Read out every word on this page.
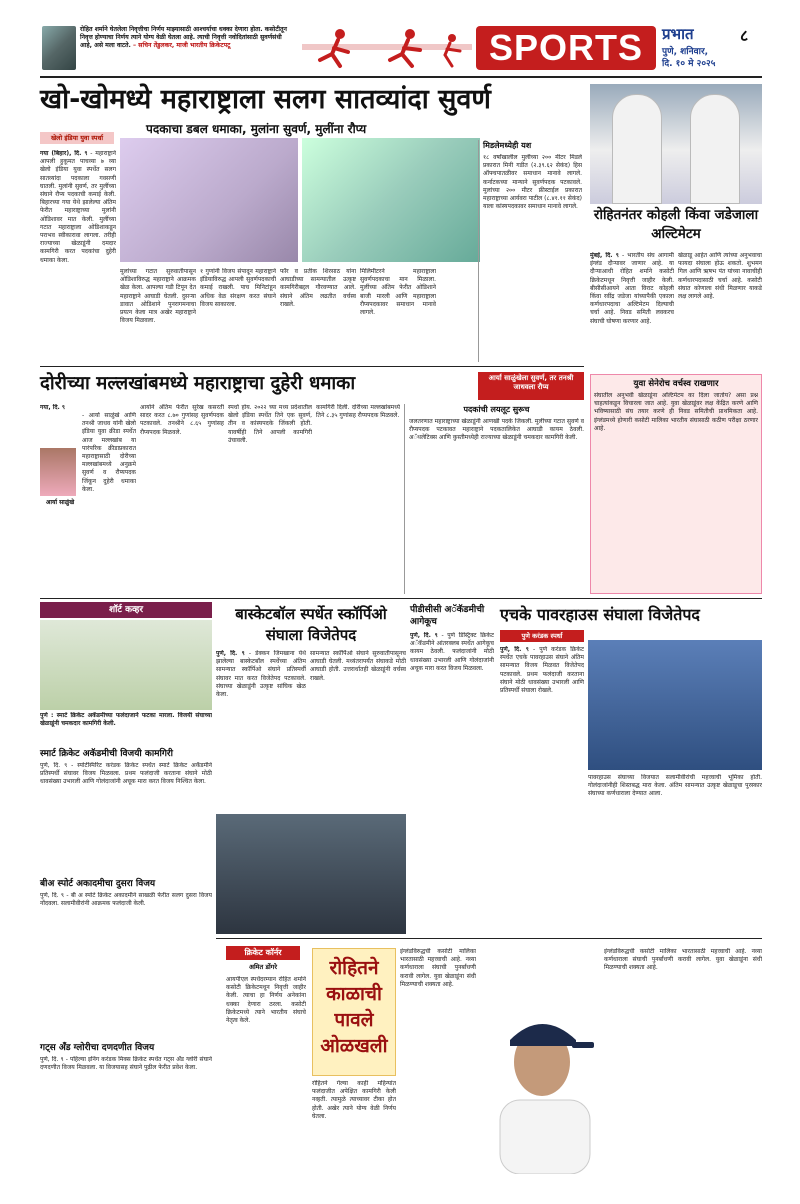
रोहित शर्माने घेतलेला निवृत्तीचा निर्णय माझ्यासाठी आश्चर्याचा धक्का देणारा होता. कसोटीतून निवृत्त होण्याचा निर्णय त्याने योग्य वेळी घेतला आहे. त्याची निवृत्ती नवोदितांसाठी सुवर्णसंधी आहे, असे मला वाटते. – सचिन तेंडुलकर, माजी भारतीय क्रिकेटपटू	SPORTS	प्रभात	८
पुणे, शनिवार,
दि. १० मे २०२५
खो-खोमध्ये महाराष्ट्राला सलग सातव्यांदा सुवर्ण
खेलो इंडिया युवा स्पर्धा
पदकाचा डबल धमाका, मुलांना सुवर्ण, मुलींना रौप्य
गया (बिहार), दि. ९ - महाराष्ट्राने आपली हुकूमत पाचव्या ७ व्या खेलो इंडिया युवा स्पर्धेत सलग सातव्यांदा पदकाला गवसणी घातली. मुलांनी सुवर्ण, तर मुलींच्या संघाने रौप्य पदकाची कमाई केली. बिहारच्या गया येथे झालेल्या अंतिम फेरीत महाराष्ट्राच्या मुलांनी ओडिशावर मात केली. मुलींच्या गटात महाराष्ट्राला ओडिशाकडून पराभव स्वीकारावा लागला. तरीही राज्याच्या खेळाडूंनी दमदार कामगिरी करत पदकांचा दुहेरी धमाका केला.
मुलांच्या गटात सुरुवातीपासून ओडिशाविरुद्ध महाराष्ट्राने आक्रमक खेळ केला. आपल्या गडी टिपून देत महाराष्ट्राने आघाडी घेतली. दुसऱ्या डावात ओडिशाने पुनरागमनाचा प्रयत्न केला मात्र अखेर महाराष्ट्राने विजय मिळवला.
१ गुणांनी विजय संपादून महाराष्ट्राने इंडियाविरुद्ध आपली सुवर्णपदकाची कमाई राखली. पाच मिनिटांहून अधिक वेळ संरक्षण करत संघाने विजय साकारला.
फॉर व प्रतीक शिरसाठ यांना आघाडीच्या सामन्यातील उत्कृष्ट कामगिरीबद्दल गौरवण्यात आले. संघाने अंतिम लढतीत वर्चस्व राखले.
मिलिमीटरने महाराष्ट्राला सुवर्णपदकाचा मान मिळाला. मुलींच्या अंतिम फेरीत ओडिशाने बाजी मारली आणि महाराष्ट्राला रौप्यपदकावर समाधान मानावे लागले.
मिडलेमध्येही यश
१८ वर्षांखालील मुलींच्या २०० मीटर मिडले प्रकारात मिनी गडीत (२.३९.६२ सेकंद) हिस ऑफ्चपातळीवर समाधान मानावे लागले. कर्नाटकच्या मान्याने सुवर्णपदक पटकावले. मुलांच्या २०० मीटर फ्रीस्टाईल प्रकारात महाराष्ट्राच्या आर्यवरा पाटील (८.४१.११ सेकंद) याला कांस्यपदकावर समाधान मानावे लागले.
रोहितनंतर कोहली किंवा जडेजाला अल्टिमेटम
मुंबई, दि. ९ - भारतीय संघ आगामी इंग्लंड दौऱ्यावर जाणार आहे. या दौऱ्याआधी रोहित शर्माने कसोटी क्रिकेटमधून निवृत्ती जाहीर केली. बीसीसीआयने आता विराट कोहली किंवा रवींद्र जडेजा यांच्यापैकी एकाला कर्णधारपदाचा अल्टिमेटम दिल्याची चर्चा आहे. निवड समिती लवकरच संघाची घोषणा करणार आहे.
खेळाडू आहेत आणि त्यांच्या अनुभवाचा फायदा संघाला होऊ शकतो. शुभमन गिल आणि ऋषभ पंत यांच्या नावाचीही कर्णधारपदासाठी चर्चा आहे. कसोटी संघात कोणाला संधी मिळणार याकडे लक्ष लागले आहे.
दोरीच्या मल्लखांबमध्ये महाराष्ट्राचा दुहेरी धमाका	आर्या साळुंखेला सुवर्ण, तर तनश्री जाधवला रौप्य
गया, दि. ९
आर्या साळुंखे
- आर्या साळुंखे आणि तनश्री जाधव यांनी खेलो इंडिया युवा क्रीडा स्पर्धेत आज मल्लखांब या पारंपरिक क्रीडाप्रकारात महाराष्ट्रासाठी दोरीच्या मल्लखांबमध्ये अनुक्रमे सुवर्ण व रौप्यपदक जिंकून दुहेरी धमाका केला.
आर्याने अंतिम फेरीत सुरेख कसरती सादर करत ८.७० गुणांसह सुवर्णपदक पटकावले. तनश्रीने ८.६५ गुणांसह रौप्यपदक मिळवले.
स्पर्धा होय. २०२२ च्या मध्य प्रदेशातील खेलो इंडिया स्पर्धेत तिने एक सुवर्ण, तीन व कांस्यपदके जिंकली होती. यावर्षीही तिने आपली कामगिरी उंचावली.
कामगिरी दिली. दोरीच्या मल्लखांबमध्ये तिने ८.३५ गुणांसह रौप्यपदक मिळवले.
पदकांची लयलूट सुरूच
जलतरणात महाराष्ट्राच्या खेळाडूंनी आणखी पदके जिंकली. मुलींच्या गटात सुवर्ण व रौप्यपदक पटकावत महाराष्ट्राने पदकतालिकेत आघाडी कायम ठेवली. अॅथलेटिक्स आणि कुस्तीमध्येही राज्याच्या खेळाडूंनी चमकदार कामगिरी केली.
युवा सेनेरोच वर्चस्व राखणार
संघातील अनुभवी खेळाडूंना अल्टिमेटम का दिला जातोय? असा प्रश्न चाहत्यांकडून विचारला जात आहे. युवा खेळाडूंवर लक्ष केंद्रित करणे आणि भविष्यासाठी संघ तयार करणे ही निवड समितीची प्राथमिकता आहे. इंग्लंडमध्ये होणारी कसोटी मालिका भारतीय संघासाठी कठीण परीक्षा ठरणार आहे.
शॉर्ट कव्हर
पुणे : स्मार्ट क्रिकेट अकॅडमीच्या फलंदाजाने फटका मारला. विजयी संघाच्या खेळाडूंनी चमकदार कामगिरी केली.
स्मार्ट क्रिकेट अकॅडमीची विजयी कामगिरी
पुणे, दि. ९ - स्पोर्टस्पिरिट करंडक क्रिकेट स्पर्धेत स्मार्ट क्रिकेट अकॅडमीने प्रतिस्पर्धी संघावर विजय मिळवला. प्रथम फलंदाजी करताना संघाने मोठी धावसंख्या उभारली आणि गोलंदाजांनी अचूक मारा करत विजय निश्चित केला.
बीअ स्पोर्ट अकादमीचा दुसरा विजय
पुणे, दि. ९ - बी अ स्पोर्ट क्रिकेट अकादमीने साखळी फेरीत सलग दुसरा विजय नोंदवला. सलामीवीरांनी आक्रमक फलंदाजी केली.
गट्स अँड ग्लोरीचा दणदणीत विजय
पुणे, दि. ९ - पहिल्या इनिंग करंडक मिक्स क्रिकेट स्पर्धेत गट्स अँड ग्लोरी संघाने दणदणीत विजय मिळवला. या विजयासह संघाने पुढील फेरीत प्रवेश केला.
बास्केटबॉल स्पर्धेत स्कॉर्पिओ संघाला विजेतेपद
पुणे, दि. ९ - डेक्कन जिमखाना येथे झालेल्या बास्केटबॉल स्पर्धेच्या अंतिम सामन्यात स्कॉर्पिओ संघाने प्रतिस्पर्धी संघावर मात करत विजेतेपद पटकावले. संघाच्या खेळाडूंनी उत्कृष्ट सांघिक खेळ केला.
सामन्यात स्कॉर्पिओ संघाने सुरुवातीपासूनच आघाडी घेतली. मध्यंतरापर्यंत संघाकडे मोठी आघाडी होती. उत्तरार्धातही खेळाडूंनी वर्चस्व राखले.
पीडीसीसी अॅकॅडमीची आगेकूच
पुणे, दि. ९ - पुणे डिस्ट्रिक्ट क्रिकेट अॅकॅडमीने आंतरक्लब स्पर्धेत आगेकूच कायम ठेवली. फलंदाजांनी मोठी धावसंख्या उभारली आणि गोलंदाजांनी अचूक मारा करत विजय मिळवला.
एचके पावरहाउस संघाला विजेतेपद
पुणे करंडक स्पर्धा
पुणे, दि. ९ - पुणे करंडक क्रिकेट स्पर्धेत एचके पावरहाउस संघाने अंतिम सामन्यात विजय मिळवत विजेतेपद पटकावले. प्रथम फलंदाजी करताना संघाने मोठी धावसंख्या उभारली आणि प्रतिस्पर्धी संघाला रोखले.
पावरहाउस संघाच्या विजयात सलामीवीरांची महत्त्वाची भूमिका होती. गोलंदाजांनीही शिस्तबद्ध मारा केला. अंतिम सामन्यात उत्कृष्ट खेळाडूचा पुरस्कार संघाच्या कर्णधाराला देण्यात आला.
क्रिकेट कॉर्नर
अमित डोंगरे
आयपीएल स्पर्धेदरम्यान रोहित शर्माने कसोटी क्रिकेटमधून निवृत्ती जाहीर केली. त्याचा हा निर्णय अनेकांना धक्का देणारा ठरला. कसोटी क्रिकेटमध्ये त्याने भारतीय संघाचे नेतृत्व केले.
रोहितने काळाची पावले ओळखली
रोहितने गेल्या काही महिन्यांत फलंदाजीत अपेक्षित कामगिरी केली नव्हती. त्यामुळे त्याच्यावर टीका होत होती. अखेर त्याने योग्य वेळी निर्णय घेतला.
इंग्लंडविरुद्धची कसोटी मालिका भारतासाठी महत्त्वाची आहे. नव्या कर्णधाराला संघाची पुनर्बांधणी करावी लागेल. युवा खेळाडूंना संधी मिळण्याची शक्यता आहे.
इंग्लंडविरुद्धची कसोटी मालिका भारतासाठी महत्त्वाची आहे. नव्या कर्णधाराला संघाची पुनर्बांधणी करावी लागेल. युवा खेळाडूंना संधी मिळण्याची शक्यता आहे.
